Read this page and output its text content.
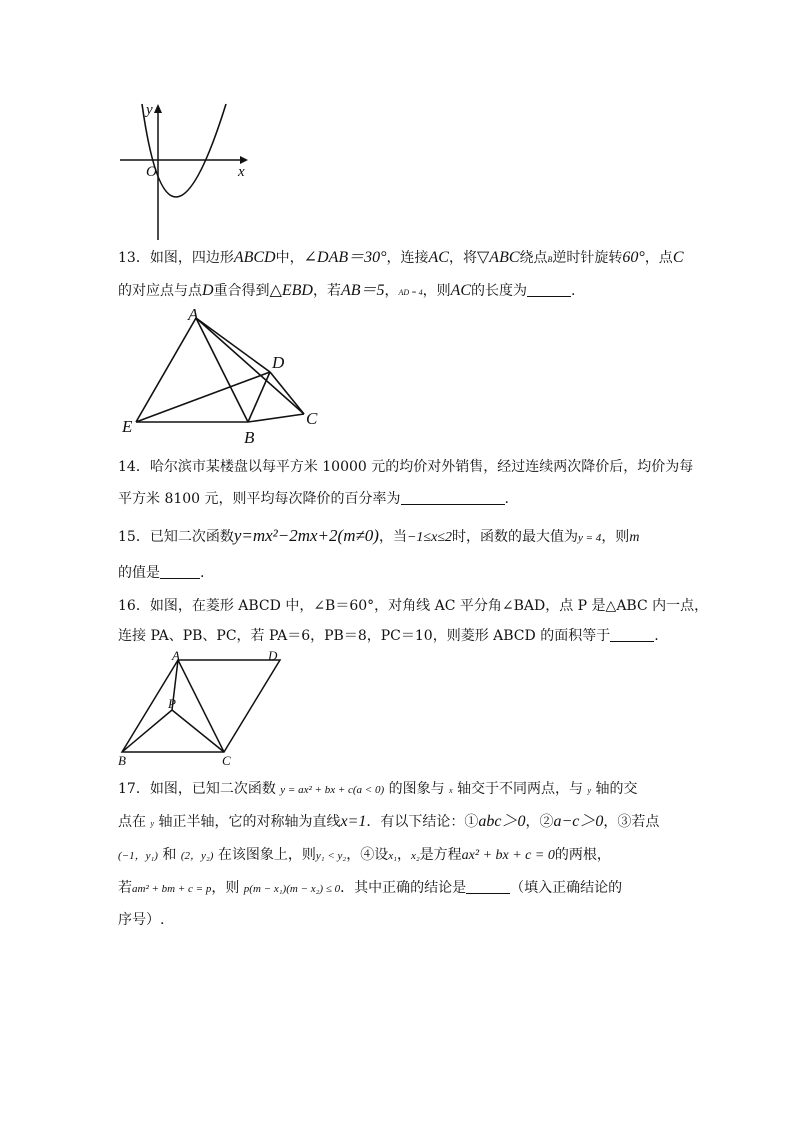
y
x
O
13．如图，四边形ABCD中，∠DAB＝30°，连接AC，将▽ABC绕点B逆时针旋转60°，点C
的对应点与点D重合得到△EBD，若AB＝5，AD = 4，则AC的长度为	.
A
D
C
E
B
14．哈尔滨市某楼盘以每平方米 10000 元的均价对外销售，经过连续两次降价后，均价为每
平方米 8100 元，则平均每次降价的百分率为	.
15．已知二次函数y=mx²−2mx+2(m≠0)，当−1≤x≤2时，函数的最大值为y = 4，则m
的值是	.
16．如图，在菱形 ABCD 中，∠B＝60°，对角线 AC 平分角∠BAD，点 P 是△ABC 内一点，
连接 PA、PB、PC，若 PA＝6，PB＝8，PC＝10，则菱形 ABCD 的面积等于	.
A	D
P
B	C
17．如图，已知二次函数 y = ax² + bx + c(a < 0) 的图象与 x 轴交于不同两点，与 y 轴的交
点在 y 轴正半轴，它的对称轴为直线x=1．有以下结论：①abc＞0，②a−c＞0，③若点
(−1，y₁) 和 (2，y₂) 在该图象上，则y₁ < y₂，④设x₁，x₂是方程ax² + bx + c = 0的两根，
若am² + bm + c = p，则 p(m − x₁)(m − x₂) ≤ 0．其中正确的结论是	（填入正确结论的
序号）.
